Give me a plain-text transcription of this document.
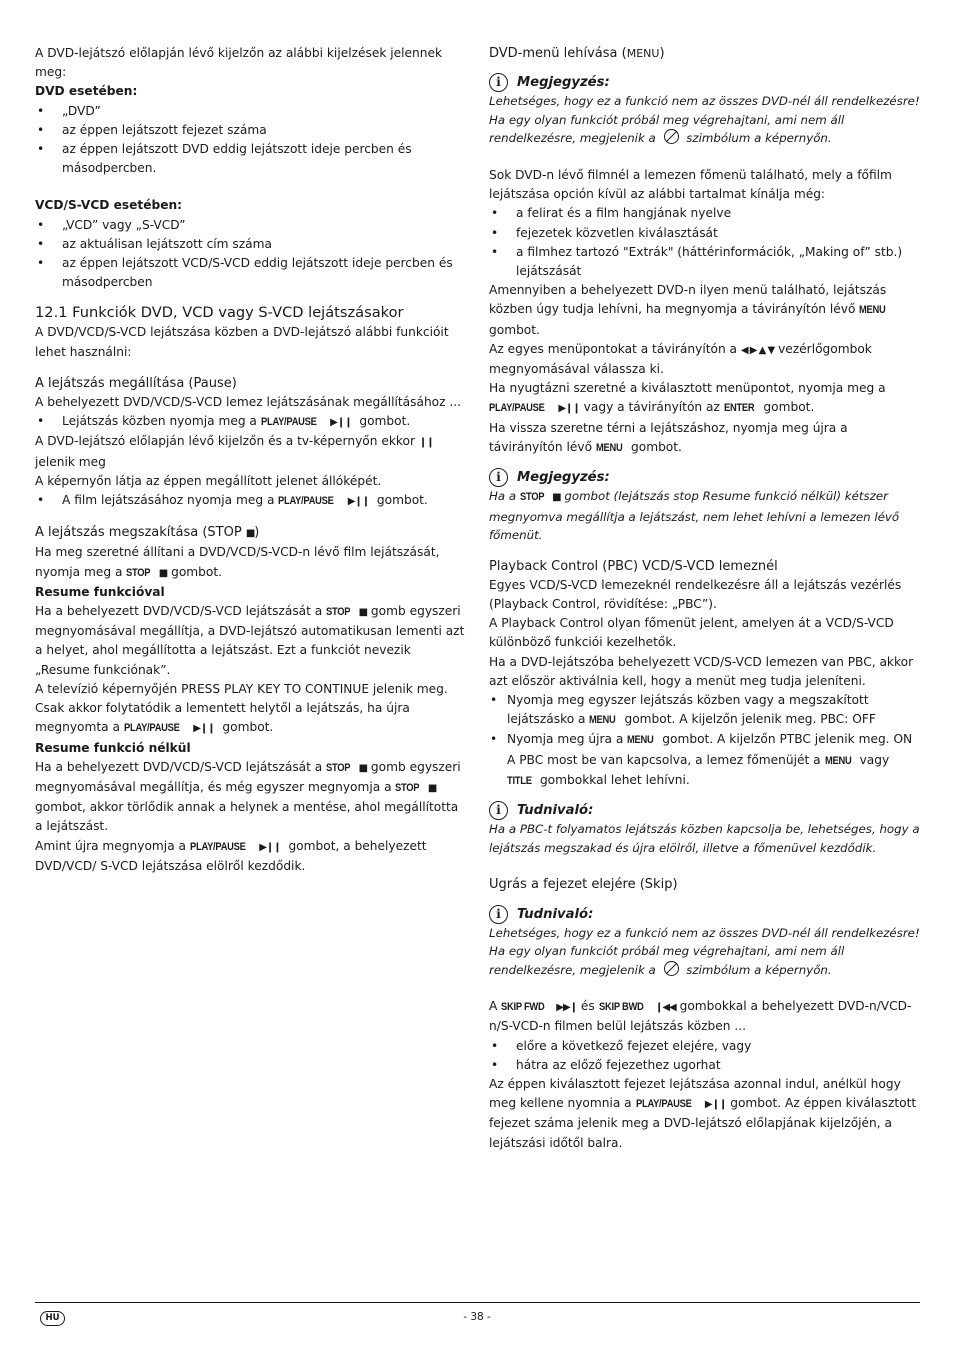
A DVD-lejátszó előlapján lévő kijelzőn az alábbi kijelzések jelennek meg:

DVD esetében:

• „DVD”
• az éppen lejátszott fejezet száma
• az éppen lejátszott DVD eddig lejátszott ideje percben és másodpercben.

VCD/S-VCD esetében:

• „VCD” vagy „S-VCD”
• az aktuálisan lejátszott cím száma
• az éppen lejátszott VCD/S-VCD eddig lejátszott ideje percben és másodpercben

12.1 Funkciók DVD, VCD vagy S-VCD lejátszásakor

A DVD/VCD/S-VCD lejátszása közben a DVD-lejátszó alábbi funkcióit lehet használni:

A lejátszás megállítása (Pause)

A behelyezett DVD/VCD/S-VCD lemez lejátszásának megállításához ...

• Lejátszás közben nyomja meg a PLAY/PAUSE ▶❙❙ gombot.

A DVD-lejátszó előlapján lévő kijelzőn és a tv-képernyőn ekkor ❙❙ jelenik meg

A képernyőn látja az éppen megállított jelenet állóképét.

• A film lejátszásához nyomja meg a PLAY/PAUSE ▶❙❙ gombot.

A lejátszás megszakítása (STOP ■)

Ha meg szeretné állítani a DVD/VCD/S-VCD-n lévő film lejátszását, nyomja meg a STOP ■ gombot.

Resume funkcióval

Ha a behelyezett DVD/VCD/S-VCD lejátszását a STOP ■ gomb egyszeri megnyomásával megállítja, a DVD-lejátszó automatikusan lementi azt a helyet, ahol megállította a lejátszást. Ezt a funkciót nevezik „Resume funkciónak”.

A televízió képernyőjén PRESS PLAY KEY TO CONTINUE jelenik meg.

Csak akkor folytatódik a lementett helytől a lejátszás, ha újra megnyomta a PLAY/PAUSE ▶❙❙ gombot.

Resume funkció nélkül

Ha a behelyezett DVD/VCD/S-VCD lejátszását a STOP ■ gomb egyszeri megnyomásával megállítja, és még egyszer megnyomja a STOP ■ gombot, akkor törlődik annak a helynek a mentése, ahol megállította a lejátszást.

Amint újra megnyomja a PLAY/PAUSE ▶❙❙ gombot, a behelyezett DVD/VCD/ S-VCD lejátszása elölről kezdődik.

DVD-menü lehívása (MENU)

i	Megjegyzés:

Lehetséges, hogy ez a funkció nem az összes DVD-nél áll rendelkezésre!

Ha egy olyan funkciót próbál meg végrehajtani, ami nem áll rendelkezésre, megjelenik a	szimbólum a képernyőn.

Sok DVD-n lévő filmnél a lemezen főmenü található, mely a főfilm lejátszása opción kívül az alábbi tartalmat kínálja még:

• a felirat és a film hangjának nyelve
• fejezetek közvetlen kiválasztását
• a filmhez tartozó "Extrák" (háttérinformációk, „Making of” stb.) lejátszását

Amennyiben a behelyezett DVD-n ilyen menü található, lejátszás közben úgy tudja lehívni, ha megnyomja a távirányítón lévő MENU gombot.

Az egyes menüpontokat a távirányítón a ◀ ▶ ▲ ▼ vezérlőgombok megnyomásával válassza ki.

Ha nyugtázni szeretné a kiválasztott menüpontot, nyomja meg a PLAY/PAUSE ▶❙❙ vagy a távirányítón az ENTER gombot.

Ha vissza szeretne térni a lejátszáshoz, nyomja meg újra a távirányítón lévő MENU gombot.

i	Megjegyzés:

Ha a STOP ■ gombot (lejátszás stop Resume funkció nélkül) kétszer megnyomva megállítja a lejátszást, nem lehet lehívni a lemezen lévő főmenüt.

Playback Control (PBC) VCD/S-VCD lemeznél

Egyes VCD/S-VCD lemezeknél rendelkezésre áll a lejátszás vezérlés (Playback Control, rövidítése: „PBC”).

A Playback Control olyan főmenüt jelent, amelyen át a VCD/S-VCD különböző funkciói kezelhetők.

Ha a DVD-lejátszóba behelyezett VCD/S-VCD lemezen van PBC, akkor azt először aktiválnia kell, hogy a menüt meg tudja jeleníteni.

• Nyomja meg egyszer lejátszás közben vagy a megszakított lejátszásko a MENU gombot. A kijelzőn jelenik meg. PBC: OFF
• Nyomja meg újra a MENU gombot. A kijelzőn PTBC jelenik meg. ON

A PBC most be van kapcsolva, a lemez főmenüjét a MENU vagy TITLE gombokkal lehet lehívni.

i	Tudnivaló:

Ha a PBC-t folyamatos lejátszás közben kapcsolja be, lehetséges, hogy a lejátszás megszakad és újra elölről, illetve a főmenüvel kezdődik.

Ugrás a fejezet elejére (Skip)

i	Tudnivaló:

Lehetséges, hogy ez a funkció nem az összes DVD-nél áll rendelkezésre!

Ha egy olyan funkciót próbál meg végrehajtani, ami nem áll rendelkezésre, megjelenik a	szimbólum a képernyőn.

A SKIP FWD ▶▶❙ és SKIP BWD ❙◀◀ gombokkal a behelyezett DVD-n/VCD-n/S-VCD-n filmen belül lejátszás közben ...

• előre a következő fejezet elejére, vagy
• hátra az előző fejezethez ugorhat

Az éppen kiválasztott fejezet lejátszása azonnal indul, anélkül hogy meg kellene nyomnia a PLAY/PAUSE ▶❙❙ gombot. Az éppen kiválasztott fejezet száma jelenik meg a DVD-lejátszó előlapjának kijelzőjén, a lejátszási időtől balra.

HU	- 38 -
